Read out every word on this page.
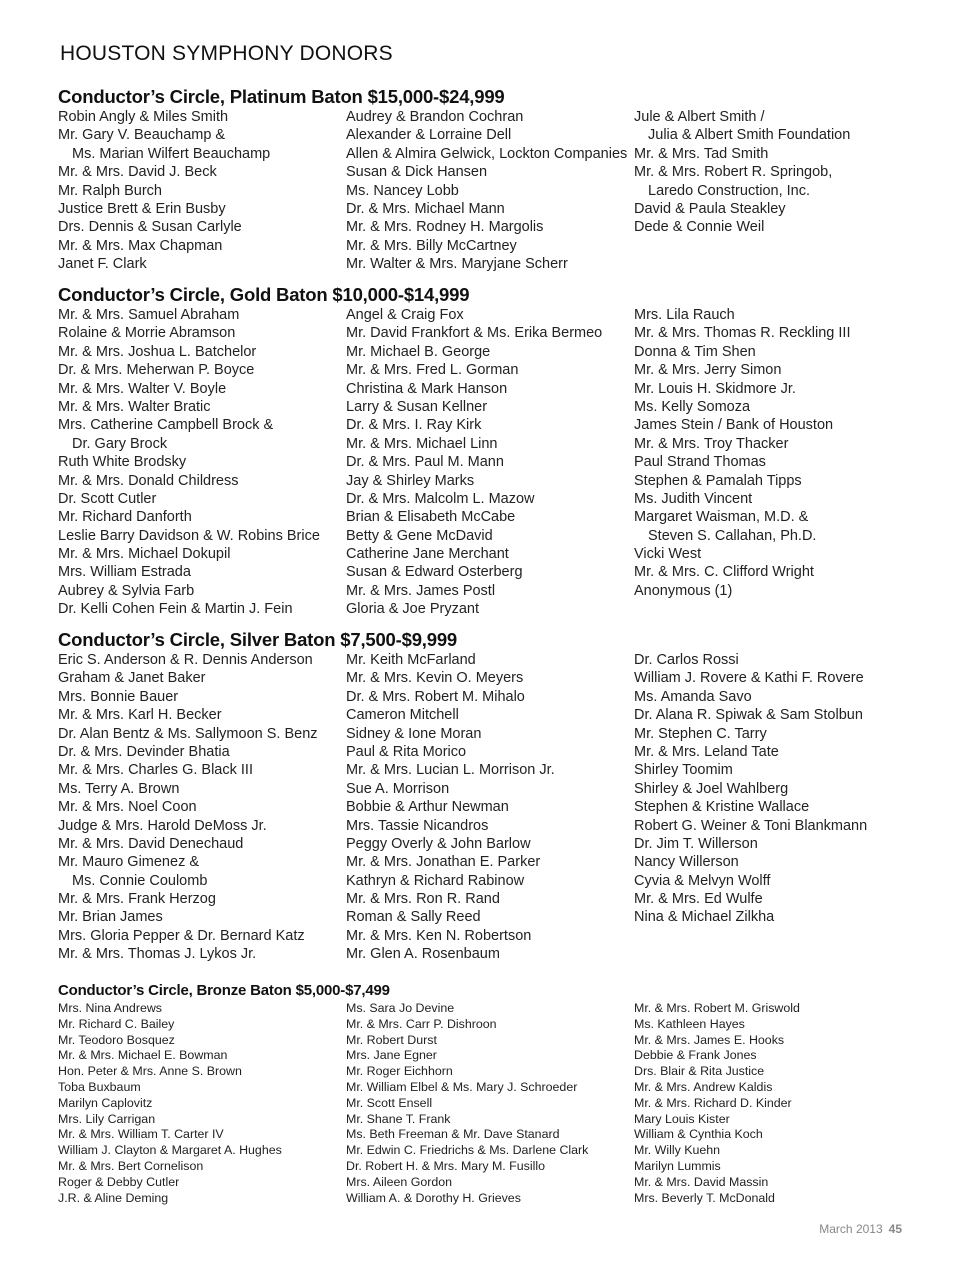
HOUSTON SYMPHONY DONORS
Conductor’s Circle, Platinum Baton $15,000-$24,999
Robin Angly & Miles Smith
Mr. Gary V. Beauchamp &
Ms. Marian Wilfert Beauchamp
Mr. & Mrs. David J. Beck
Mr. Ralph Burch
Justice Brett & Erin Busby
Drs. Dennis & Susan Carlyle
Mr. & Mrs. Max Chapman
Janet F. Clark
Audrey & Brandon Cochran
Alexander & Lorraine Dell
Allen & Almira Gelwick, Lockton Companies
Susan & Dick Hansen
Ms. Nancey Lobb
Dr. & Mrs. Michael Mann
Mr. & Mrs. Rodney H. Margolis
Mr. & Mrs. Billy McCartney
Mr. Walter & Mrs. Maryjane Scherr
Jule & Albert Smith /
Julia & Albert Smith Foundation
Mr. & Mrs. Tad Smith
Mr. & Mrs. Robert R. Springob,
Laredo Construction, Inc.
David & Paula Steakley
Dede & Connie Weil
Conductor’s Circle, Gold Baton $10,000-$14,999
Mr. & Mrs. Samuel Abraham
Rolaine & Morrie Abramson
Mr. & Mrs. Joshua L. Batchelor
Dr. & Mrs. Meherwan P. Boyce
Mr. & Mrs. Walter V. Boyle
Mr. & Mrs. Walter Bratic
Mrs. Catherine Campbell Brock &
Dr. Gary Brock
Ruth White Brodsky
Mr. & Mrs. Donald Childress
Dr. Scott Cutler
Mr. Richard Danforth
Leslie Barry Davidson & W. Robins Brice
Mr. & Mrs. Michael Dokupil
Mrs. William Estrada
Aubrey & Sylvia Farb
Dr. Kelli Cohen Fein & Martin J. Fein
Angel & Craig Fox
Mr. David Frankfort & Ms. Erika Bermeo
Mr. Michael B. George
Mr. & Mrs. Fred L. Gorman
Christina & Mark Hanson
Larry & Susan Kellner
Dr. & Mrs. I. Ray Kirk
Mr. & Mrs. Michael Linn
Dr. & Mrs. Paul M. Mann
Jay & Shirley Marks
Dr. & Mrs. Malcolm L. Mazow
Brian & Elisabeth McCabe
Betty & Gene McDavid
Catherine Jane Merchant
Susan & Edward Osterberg
Mr. & Mrs. James Postl
Gloria & Joe Pryzant
Mrs. Lila Rauch
Mr. & Mrs. Thomas R. Reckling III
Donna & Tim Shen
Mr. & Mrs. Jerry Simon
Mr. Louis H. Skidmore Jr.
Ms. Kelly Somoza
James Stein / Bank of Houston
Mr. & Mrs. Troy Thacker
Paul Strand Thomas
Stephen & Pamalah Tipps
Ms. Judith Vincent
Margaret Waisman, M.D. &
Steven S. Callahan, Ph.D.
Vicki West
Mr. & Mrs. C. Clifford Wright
Anonymous (1)
Conductor’s Circle, Silver Baton $7,500-$9,999
Eric S. Anderson & R. Dennis Anderson
Graham & Janet Baker
Mrs. Bonnie Bauer
Mr. & Mrs. Karl H. Becker
Dr. Alan Bentz & Ms. Sallymoon S. Benz
Dr. & Mrs. Devinder Bhatia
Mr. & Mrs. Charles G. Black III
Ms. Terry A. Brown
Mr. & Mrs. Noel Coon
Judge & Mrs. Harold DeMoss Jr.
Mr. & Mrs. David Denechaud
Mr. Mauro Gimenez &
Ms. Connie Coulomb
Mr. & Mrs. Frank Herzog
Mr. Brian James
Mrs. Gloria Pepper & Dr. Bernard Katz
Mr. & Mrs. Thomas J. Lykos Jr.
Mr. Keith McFarland
Mr. & Mrs. Kevin O. Meyers
Dr. & Mrs. Robert M. Mihalo
Cameron Mitchell
Sidney & Ione Moran
Paul & Rita Morico
Mr. & Mrs. Lucian L. Morrison Jr.
Sue A. Morrison
Bobbie & Arthur Newman
Mrs. Tassie Nicandros
Peggy Overly & John Barlow
Mr. & Mrs. Jonathan E. Parker
Kathryn & Richard Rabinow
Mr. & Mrs. Ron R. Rand
Roman & Sally Reed
Mr. & Mrs. Ken N. Robertson
Mr. Glen A. Rosenbaum
Dr. Carlos Rossi
William J. Rovere & Kathi F. Rovere
Ms. Amanda Savo
Dr. Alana R. Spiwak & Sam Stolbun
Mr. Stephen C. Tarry
Mr. & Mrs. Leland Tate
Shirley Toomim
Shirley & Joel Wahlberg
Stephen & Kristine Wallace
Robert G. Weiner & Toni Blankmann
Dr. Jim T. Willerson
Nancy Willerson
Cyvia & Melvyn Wolff
Mr. & Mrs. Ed Wulfe
Nina & Michael Zilkha
Conductor’s Circle, Bronze Baton $5,000-$7,499
Mrs. Nina Andrews
Mr. Richard C. Bailey
Mr. Teodoro Bosquez
Mr. & Mrs. Michael E. Bowman
Hon. Peter & Mrs. Anne S. Brown
Toba Buxbaum
Marilyn Caplovitz
Mrs. Lily Carrigan
Mr. & Mrs. William T. Carter IV
William J. Clayton & Margaret A. Hughes
Mr. & Mrs. Bert Cornelison
Roger & Debby Cutler
J.R. & Aline Deming
Ms. Sara Jo Devine
Mr. & Mrs. Carr P. Dishroon
Mr. Robert Durst
Mrs. Jane Egner
Mr. Roger Eichhorn
Mr. William Elbel & Ms. Mary J. Schroeder
Mr. Scott Ensell
Mr. Shane T. Frank
Ms. Beth Freeman & Mr. Dave Stanard
Mr. Edwin C. Friedrichs & Ms. Darlene Clark
Dr. Robert H. & Mrs. Mary M. Fusillo
Mrs. Aileen Gordon
William A. & Dorothy H. Grieves
Mr. & Mrs. Robert M. Griswold
Ms. Kathleen Hayes
Mr. & Mrs. James E. Hooks
Debbie & Frank Jones
Drs. Blair & Rita Justice
Mr. & Mrs. Andrew Kaldis
Mr. & Mrs. Richard D. Kinder
Mary Louis Kister
William & Cynthia Koch
Mr. Willy Kuehn
Marilyn Lummis
Mr. & Mrs. David Massin
Mrs. Beverly T. McDonald
March 2013 45
